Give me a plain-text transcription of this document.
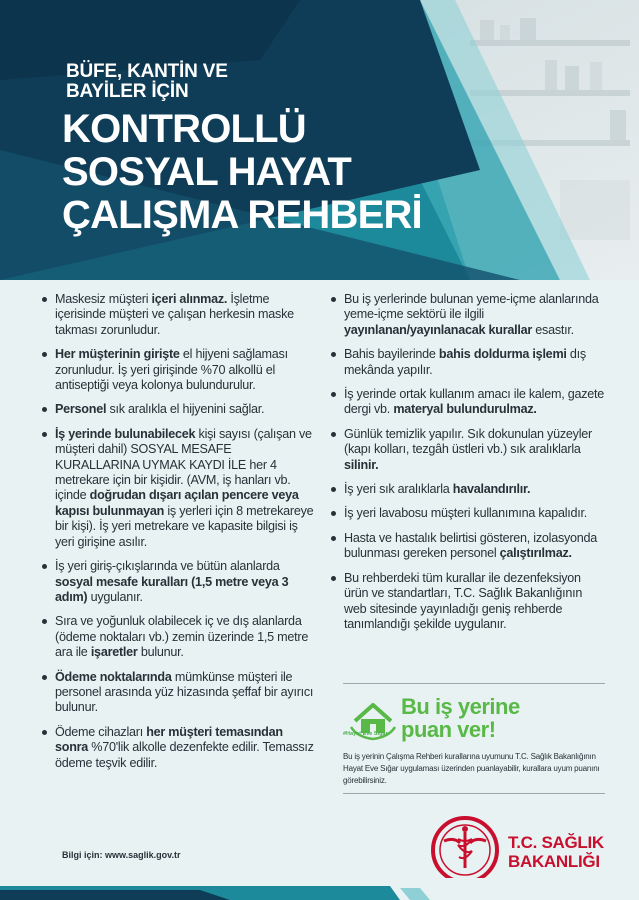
BÜFE, KANTİN VE
BAYİLER İÇİN

KONTROLLÜ
SOSYAL HAYAT
ÇALIŞMA REHBERİ
Maskesiz müşteri içeri alınmaz. İşletme içerisinde müşteri ve çalışan herkesin maske takması zorunludur.
Her müşterinin girişte el hijyeni sağlaması zorunludur. İş yeri girişinde %70 alkollü el antiseptiği veya kolonya bulundurulur.
Personel sık aralıkla el hijyenini sağlar.
İş yerinde bulunabilecek kişi sayısı (çalışan ve müşteri dahil) SOSYAL MESAFE KURALLARINA UYMAK KAYDI İLE her 4 metrekare için bir kişidir. (AVM, iş hanları vb. içinde doğrudan dışarı açılan pencere veya kapısı bulunmayan iş yerleri için 8 metrekareye bir kişi). İş yeri metrekare ve kapasite bilgisi iş yeri girişine asılır.
İş yeri giriş-çıkışlarında ve bütün alanlarda sosyal mesafe kuralları (1,5 metre veya 3 adım) uygulanır.
Sıra ve yoğunluk olabilecek iç ve dış alanlarda (ödeme noktaları vb.) zemin üzerinde 1,5 metre ara ile işaretler bulunur.
Ödeme noktalarında mümkünse müşteri ile personel arasında yüz hizasında şeffaf bir ayırıcı bulunur.
Ödeme cihazları her müşteri temasından sonra %70'lik alkolle dezenfekte edilir. Temassız ödeme teşvik edilir.
Bu iş yerlerinde bulunan yeme-içme alanlarında yeme-içme sektörü ile ilgili yayınlanan/yayınlanacak kurallar esastır.
Bahis bayilerinde bahis doldurma işlemi dış mekânda yapılır.
İş yerinde ortak kullanım amacı ile kalem, gazete dergi vb. materyal bulundurulmaz.
Günlük temizlik yapılır. Sık dokunulan yüzeyler (kapı kolları, tezgâh üstleri vb.) sık aralıklarla silinir.
İş yeri sık aralıklarla havalandırılır.
İş yeri lavabosu müşteri kullanımına kapalıdır.
Hasta ve hastalık belirtisi gösteren, izolasyonda bulunması gereken personel çalıştırılmaz.
Bu rehberdeki tüm kurallar ile dezenfeksiyon ürün ve standartları, T.C. Sağlık Bakanlığının web sitesinde yayınladığı geniş rehberde tanımlandığı şekilde uygulanır.
#Hayat Eve Sığar
Bu iş yerine
puan ver!

Bu iş yerinin Çalışma Rehberi kurallarına uyumunu T.C. Sağlık Bakanlığının Hayat Eve Sığar uygulaması üzerinden puanlayabilir, kurallara uyum puanını görebilirsiniz.

Bilgi için: www.saglik.gov.tr

T.C. SAĞLIK
BAKANLIĞI
